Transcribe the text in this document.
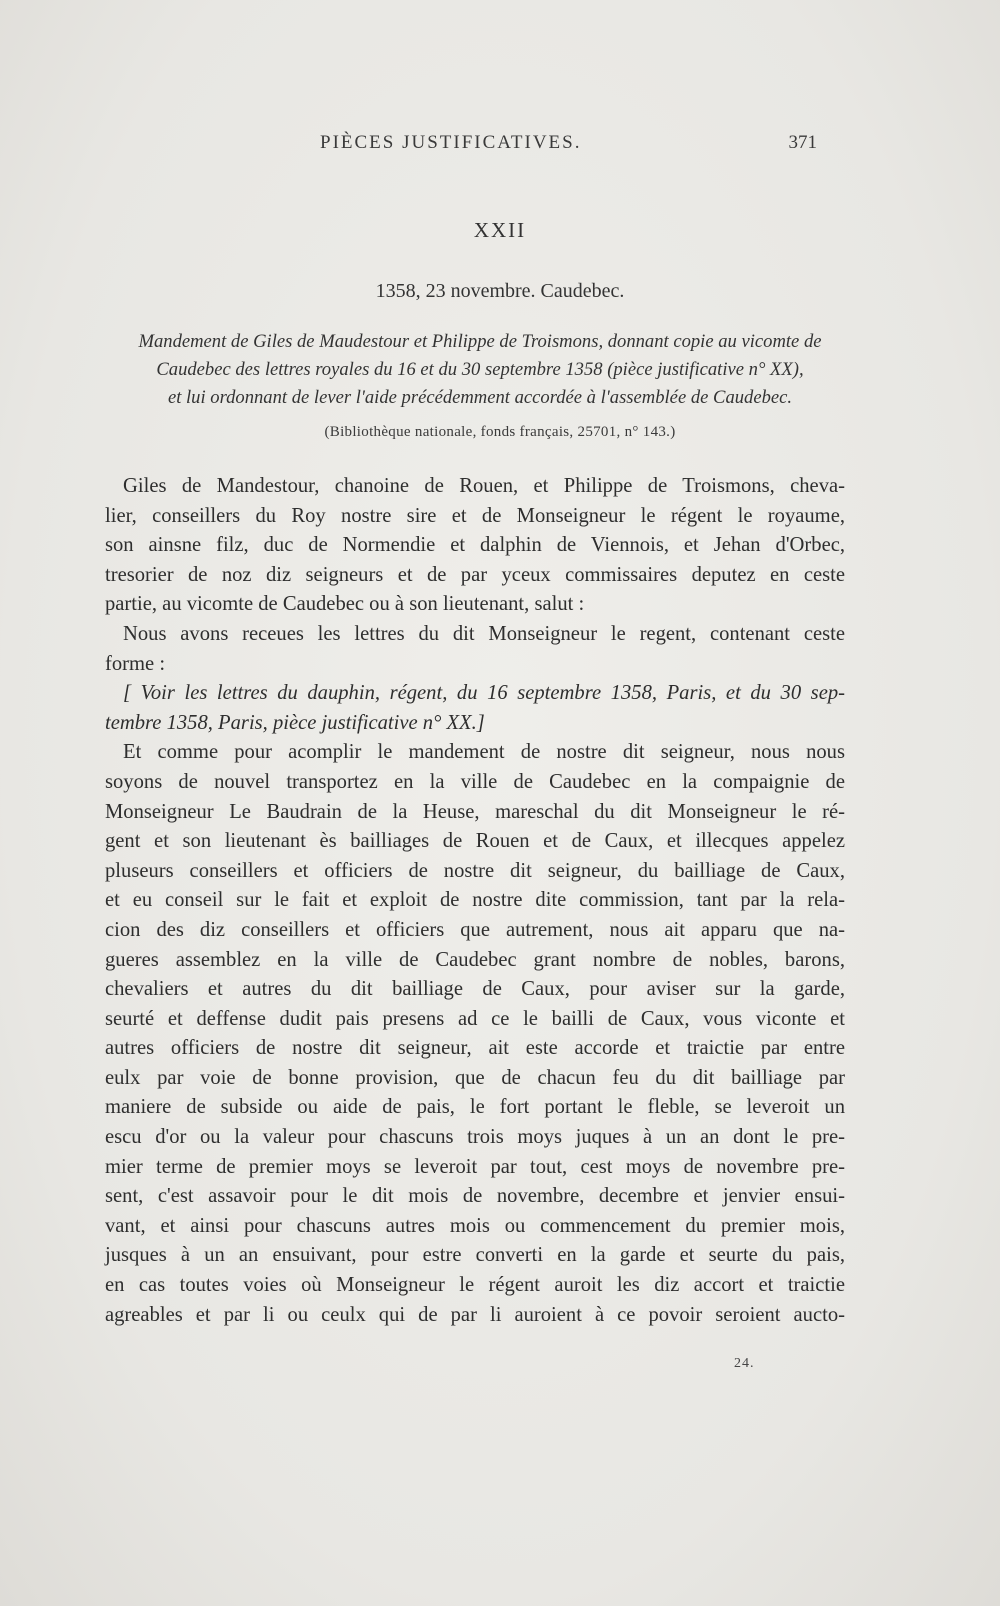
PIÈCES JUSTIFICATIVES.	371
XXII
1358, 23 novembre. Caudebec.
Mandement de Giles de Maudestour et Philippe de Troismons, donnant copie au vicomte de
Caudebec des lettres royales du 16 et du 30 septembre 1358 (pièce justificative n° XX),
et lui ordonnant de lever l'aide précédemment accordée à l'assemblée de Caudebec.
(Bibliothèque nationale, fonds français, 25701, n° 143.)
Giles de Mandestour, chanoine de Rouen, et Philippe de Troismons, cheva-
lier, conseillers du Roy nostre sire et de Monseigneur le régent le royaume,
son ainsne filz, duc de Normendie et dalphin de Viennois, et Jehan d'Orbec,
tresorier de noz diz seigneurs et de par yceux commissaires deputez en ceste
partie, au vicomte de Caudebec ou à son lieutenant, salut :
Nous avons receues les lettres du dit Monseigneur le regent, contenant ceste
forme :
[ Voir les lettres du dauphin, régent, du 16 septembre 1358, Paris, et du 30 sep-
tembre 1358, Paris, pièce justificative n° XX.]
Et comme pour acomplir le mandement de nostre dit seigneur, nous nous
soyons de nouvel transportez en la ville de Caudebec en la compaignie de
Monseigneur Le Baudrain de la Heuse, mareschal du dit Monseigneur le ré-
gent et son lieutenant ès bailliages de Rouen et de Caux, et illecques appelez
pluseurs conseillers et officiers de nostre dit seigneur, du bailliage de Caux,
et eu conseil sur le fait et exploit de nostre dite commission, tant par la rela-
cion des diz conseillers et officiers que autrement, nous ait apparu que na-
gueres assemblez en la ville de Caudebec grant nombre de nobles, barons,
chevaliers et autres du dit bailliage de Caux, pour aviser sur la garde,
seurté et deffense dudit pais presens ad ce le bailli de Caux, vous viconte et
autres officiers de nostre dit seigneur, ait este accorde et traictie par entre
eulx par voie de bonne provision, que de chacun feu du dit bailliage par
maniere de subside ou aide de pais, le fort portant le fleble, se leveroit un
escu d'or ou la valeur pour chascuns trois moys juques à un an dont le pre-
mier terme de premier moys se leveroit par tout, cest moys de novembre pre-
sent, c'est assavoir pour le dit mois de novembre, decembre et jenvier ensui-
vant, et ainsi pour chascuns autres mois ou commencement du premier mois,
jusques à un an ensuivant, pour estre converti en la garde et seurte du pais,
en cas toutes voies où Monseigneur le régent auroit les diz accort et traictie
agreables et par li ou ceulx qui de par li auroient à ce povoir seroient aucto-
24.
